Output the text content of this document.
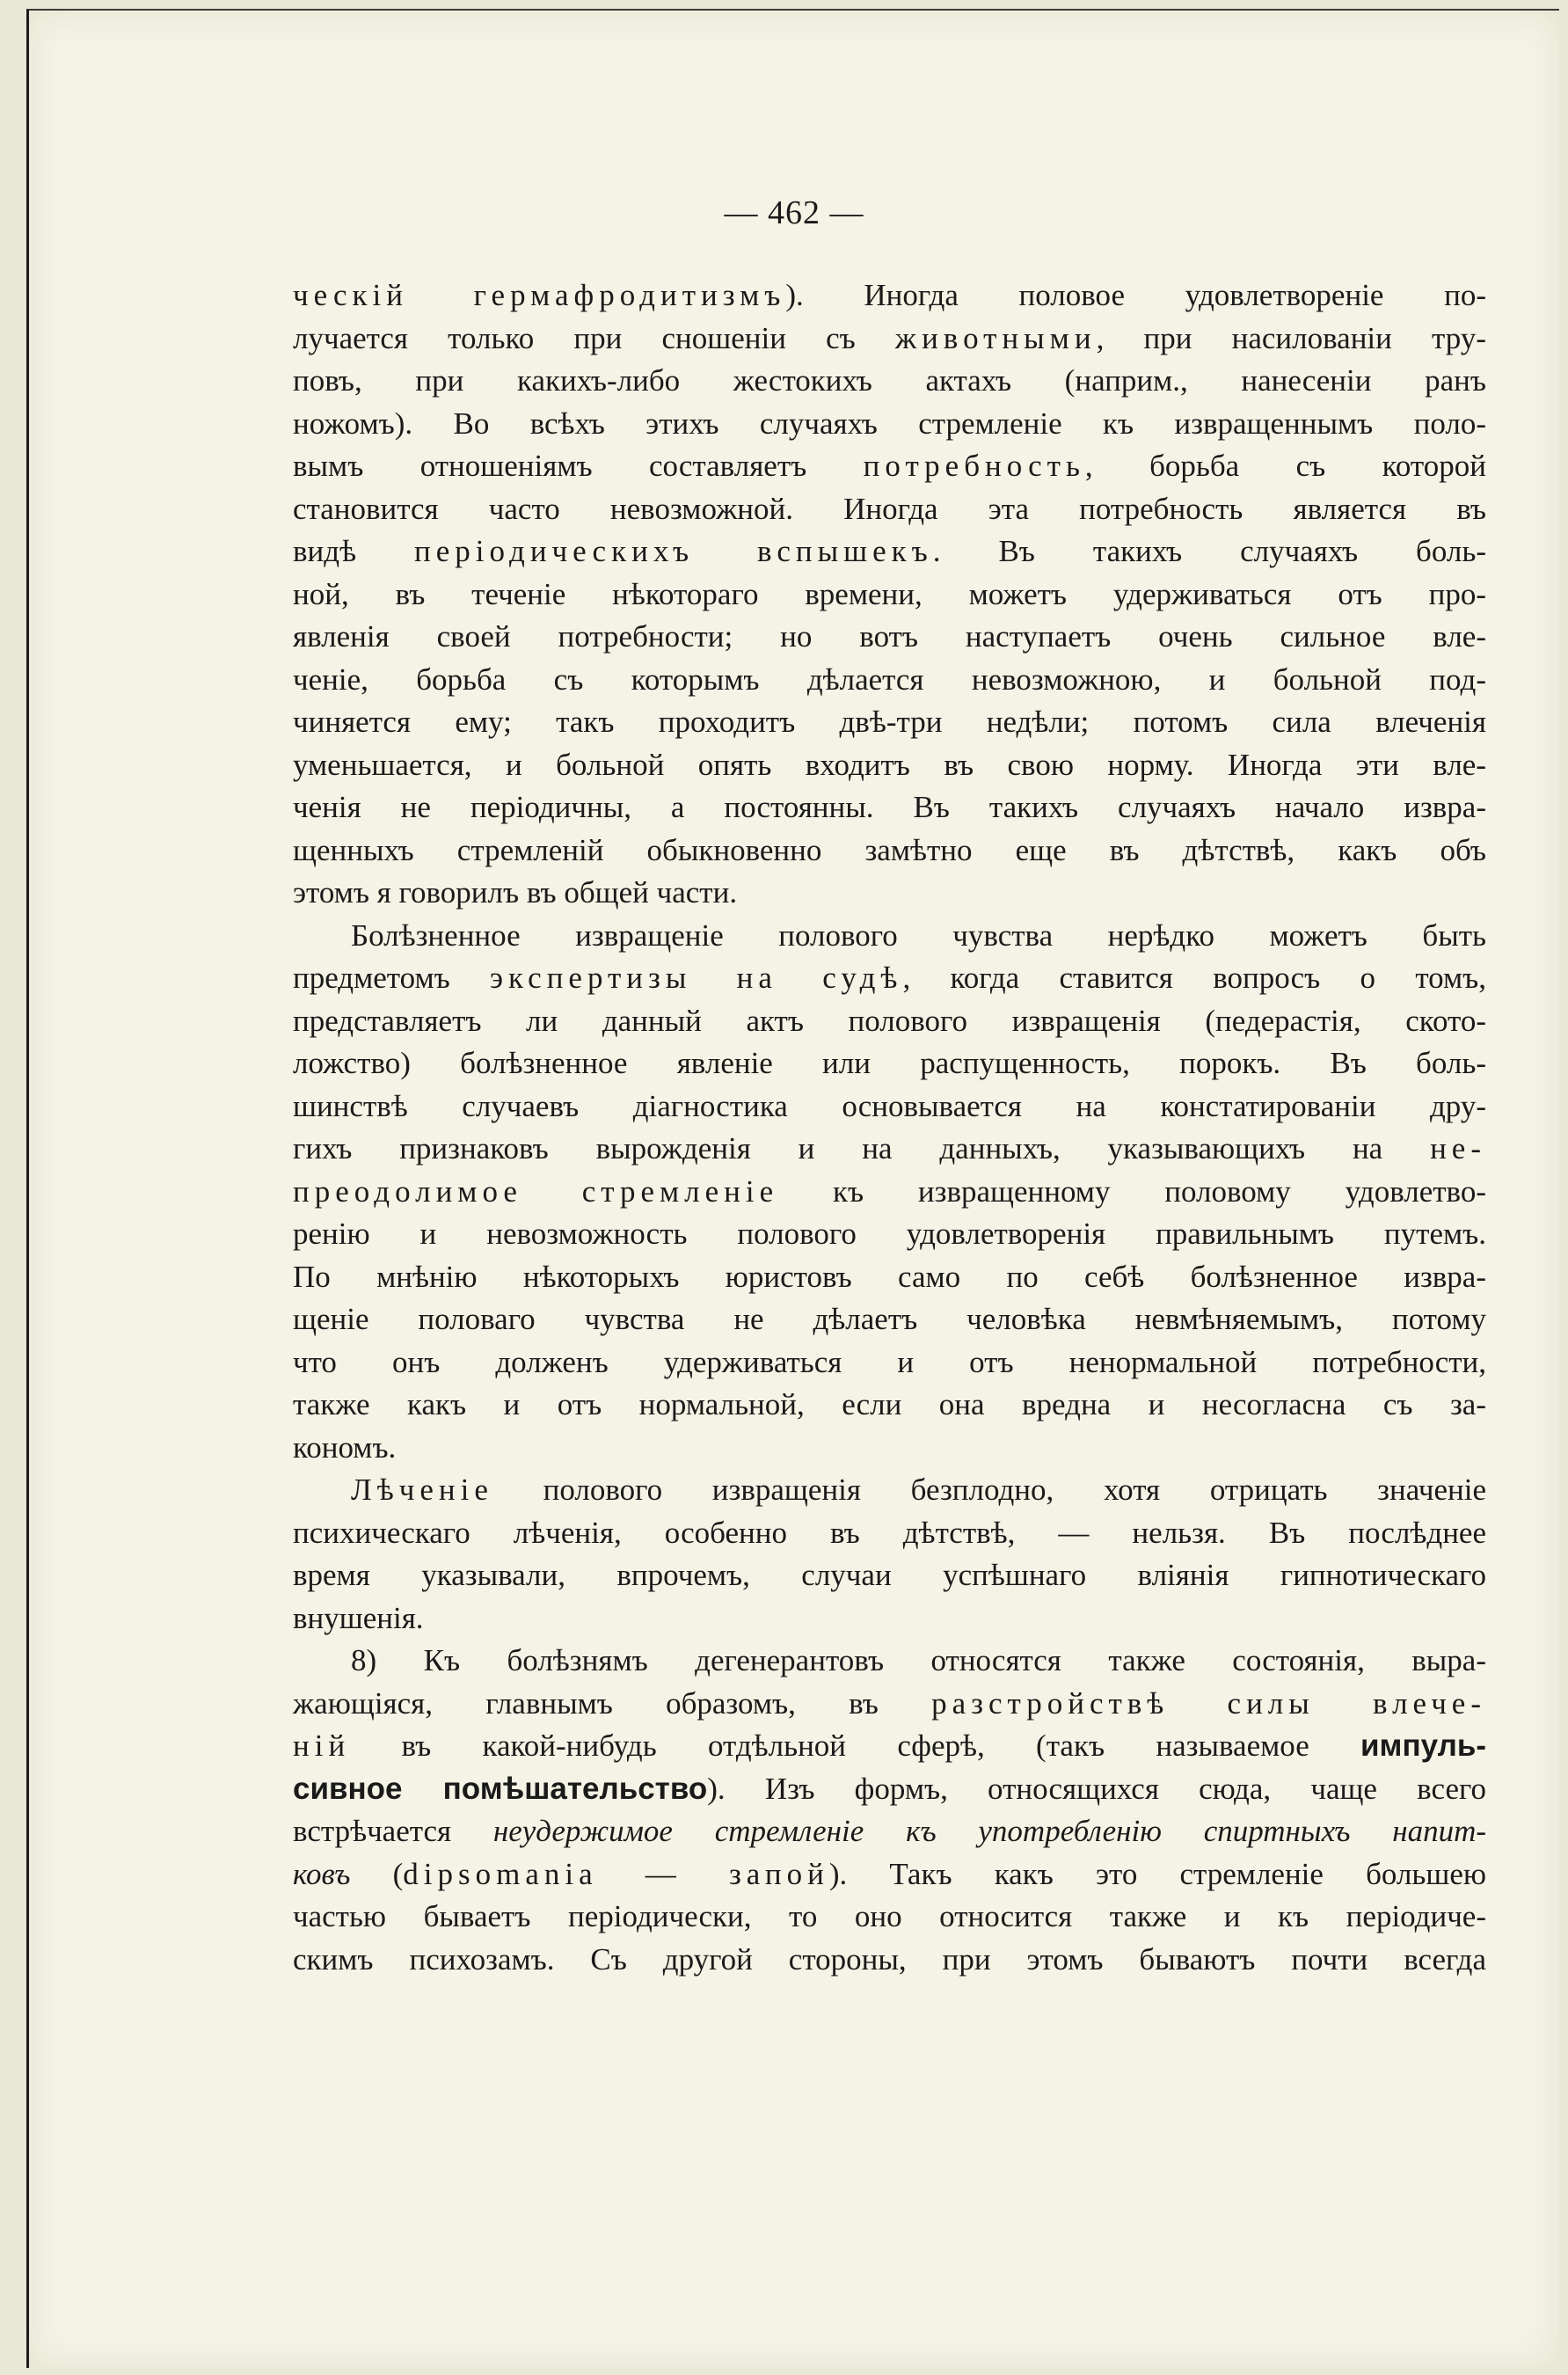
— 462 —
ческій гермафродитизмъ). Иногда половое удовлетвореніе по-
лучается только при сношеніи съ животными, при насилованіи тру-
повъ, при какихъ-либо жестокихъ актахъ (наприм., нанесеніи ранъ
ножомъ). Во всѣхъ этихъ случаяхъ стремленіе къ извращеннымъ поло-
вымъ отношеніямъ составляетъ потребность, борьба съ которой
становится часто невозможной. Иногда эта потребность является въ
видѣ періодическихъ вспышекъ. Въ такихъ случаяхъ боль-
ной, въ теченіе нѣкотораго времени, можетъ удерживаться отъ про-
явленія своей потребности; но вотъ наступаетъ очень сильное вле-
ченіе, борьба съ которымъ дѣлается невозможною, и больной под-
чиняется ему; такъ проходитъ двѣ-три недѣли; потомъ сила влеченія
уменьшается, и больной опять входитъ въ свою норму. Иногда эти вле-
ченія не періодичны, а постоянны. Въ такихъ случаяхъ начало извра-
щенныхъ стремленій обыкновенно замѣтно еще въ дѣтствѣ, какъ объ
этомъ я говорилъ въ общей части.
Болѣзненное извращеніе полового чувства нерѣдко можетъ быть
предметомъ экспертизы на судѣ, когда ставится вопросъ о томъ,
представляетъ ли данный актъ полового извращенія (педерастія, ското-
ложство) болѣзненное явленіе или распущенность, порокъ. Въ боль-
шинствѣ случаевъ діагностика основывается на констатированіи дру-
гихъ признаковъ вырожденія и на данныхъ, указывающихъ на не-
преодолимое стремленіе къ извращенному половому удовлетво-
ренію и невозможность полового удовлетворенія правильнымъ путемъ.
По мнѣнію нѣкоторыхъ юристовъ само по себѣ болѣзненное извра-
щеніе половаго чувства не дѣлаетъ человѣка невмѣняемымъ, потому
что онъ долженъ удерживаться и отъ ненормальной потребности,
также какъ и отъ нормальной, если она вредна и несогласна съ за-
кономъ.
Лѣченіе полового извращенія безплодно, хотя отрицать значеніе
психическаго лѣченія, особенно въ дѣтствѣ, — нельзя. Въ послѣднее
время указывали, впрочемъ, случаи успѣшнаго вліянія гипнотическаго
внушенія.
8) Къ болѣзнямъ дегенерантовъ относятся также состоянія, выра-
жающіяся, главнымъ образомъ, въ разстройствѣ силы влече-
ній въ какой-нибудь отдѣльной сферѣ, (такъ называемое импуль-
сивное помѣшательство). Изъ формъ, относящихся сюда, чаще всего
встрѣчается неудержимое стремленіе къ употребленію спиртныхъ напит-
ковъ (dipsomania — запой). Такъ какъ это стремленіе большею
частью бываетъ періодически, то оно относится также и къ періодиче-
скимъ психозамъ. Съ другой стороны, при этомъ бываютъ почти всегда
